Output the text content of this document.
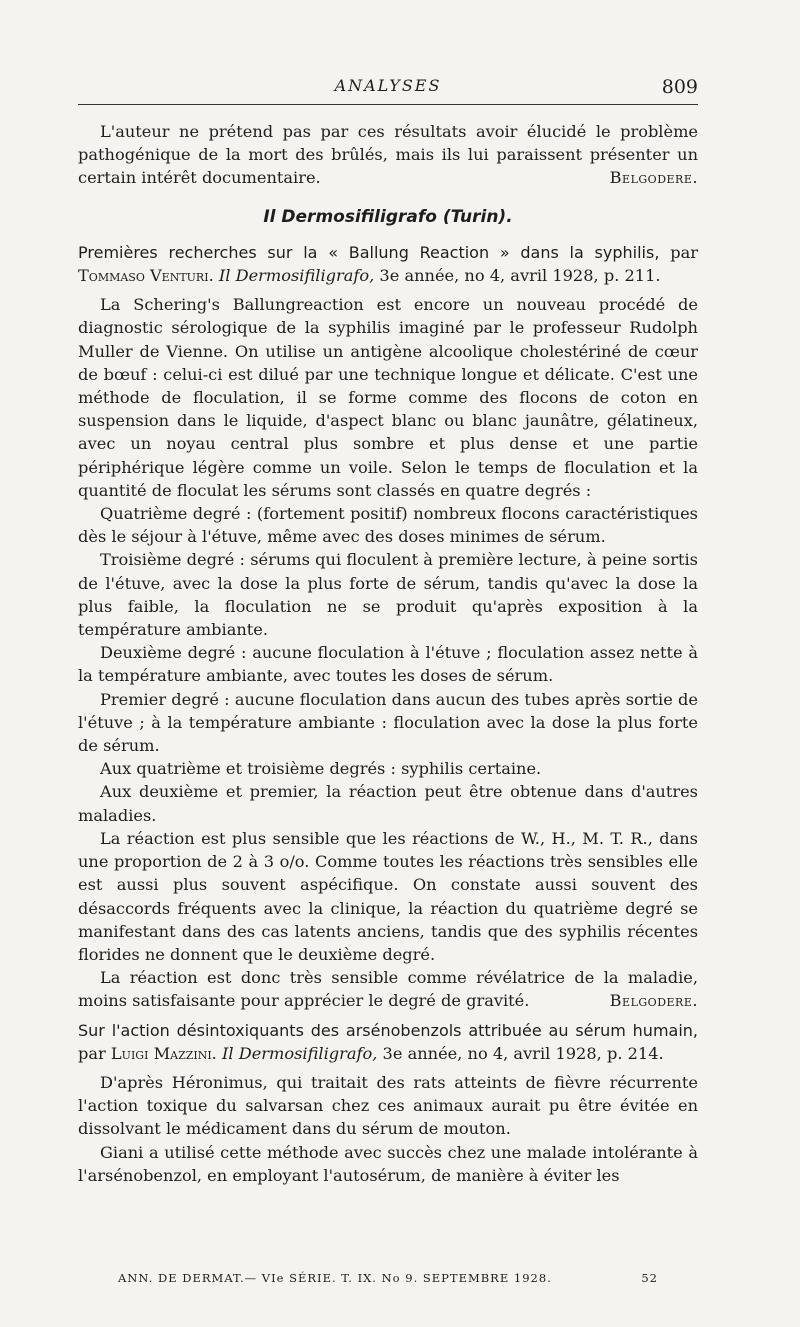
ANALYSES	809

L'auteur ne prétend pas par ces résultats avoir élucidé le problème pathogénique de la mort des brûlés, mais ils lui paraissent présenter un certain intérêt documentaire.	Belgodere.

Il Dermosifiligrafo (Turin).

Premières recherches sur la « Ballung Reaction » dans la syphilis, par Tommaso Venturi. Il Dermosifiligrafo, 3e année, no 4, avril 1928, p. 211.

La Schering's Ballungreaction est encore un nouveau procédé de diagnostic sérologique de la syphilis imaginé par le professeur Rudolph Muller de Vienne. On utilise un antigène alcoolique cholestériné de cœur de bœuf : celui-ci est dilué par une technique longue et délicate. C'est une méthode de floculation, il se forme comme des flocons de coton en suspension dans le liquide, d'aspect blanc ou blanc jaunâtre, gélatineux, avec un noyau central plus sombre et plus dense et une partie périphérique légère comme un voile. Selon le temps de floculation et la quantité de floculat les sérums sont classés en quatre degrés :

Quatrième degré : (fortement positif) nombreux flocons caractéristiques dès le séjour à l'étuve, même avec des doses minimes de sérum.

Troisième degré : sérums qui floculent à première lecture, à peine sortis de l'étuve, avec la dose la plus forte de sérum, tandis qu'avec la dose la plus faible, la floculation ne se produit qu'après exposition à la température ambiante.

Deuxième degré : aucune floculation à l'étuve ; floculation assez nette à la température ambiante, avec toutes les doses de sérum.

Premier degré : aucune floculation dans aucun des tubes après sortie de l'étuve ; à la température ambiante : floculation avec la dose la plus forte de sérum.

Aux quatrième et troisième degrés : syphilis certaine.

Aux deuxième et premier, la réaction peut être obtenue dans d'autres maladies.

La réaction est plus sensible que les réactions de W., H., M. T. R., dans une proportion de 2 à 3 o/o. Comme toutes les réactions très sensibles elle est aussi plus souvent aspécifique. On constate aussi souvent des désaccords fréquents avec la clinique, la réaction du quatrième degré se manifestant dans des cas latents anciens, tandis que des syphilis récentes florides ne donnent que le deuxième degré.

La réaction est donc très sensible comme révélatrice de la maladie, moins satisfaisante pour apprécier le degré de gravité.	Belgodere.

Sur l'action désintoxiquants des arsénobenzols attribuée au sérum humain, par Luigi Mazzini. Il Dermosifiligrafo, 3e année, no 4, avril 1928, p. 214.

D'après Héronimus, qui traitait des rats atteints de fièvre récurrente l'action toxique du salvarsan chez ces animaux aurait pu être évitée en dissolvant le médicament dans du sérum de mouton.

Giani a utilisé cette méthode avec succès chez une malade intolérante à l'arsénobenzol, en employant l'autosérum, de manière à éviter les

ANN. DE DERMAT.— VIe SÉRIE. T. IX. No 9. SEPTEMBRE 1928.	52
